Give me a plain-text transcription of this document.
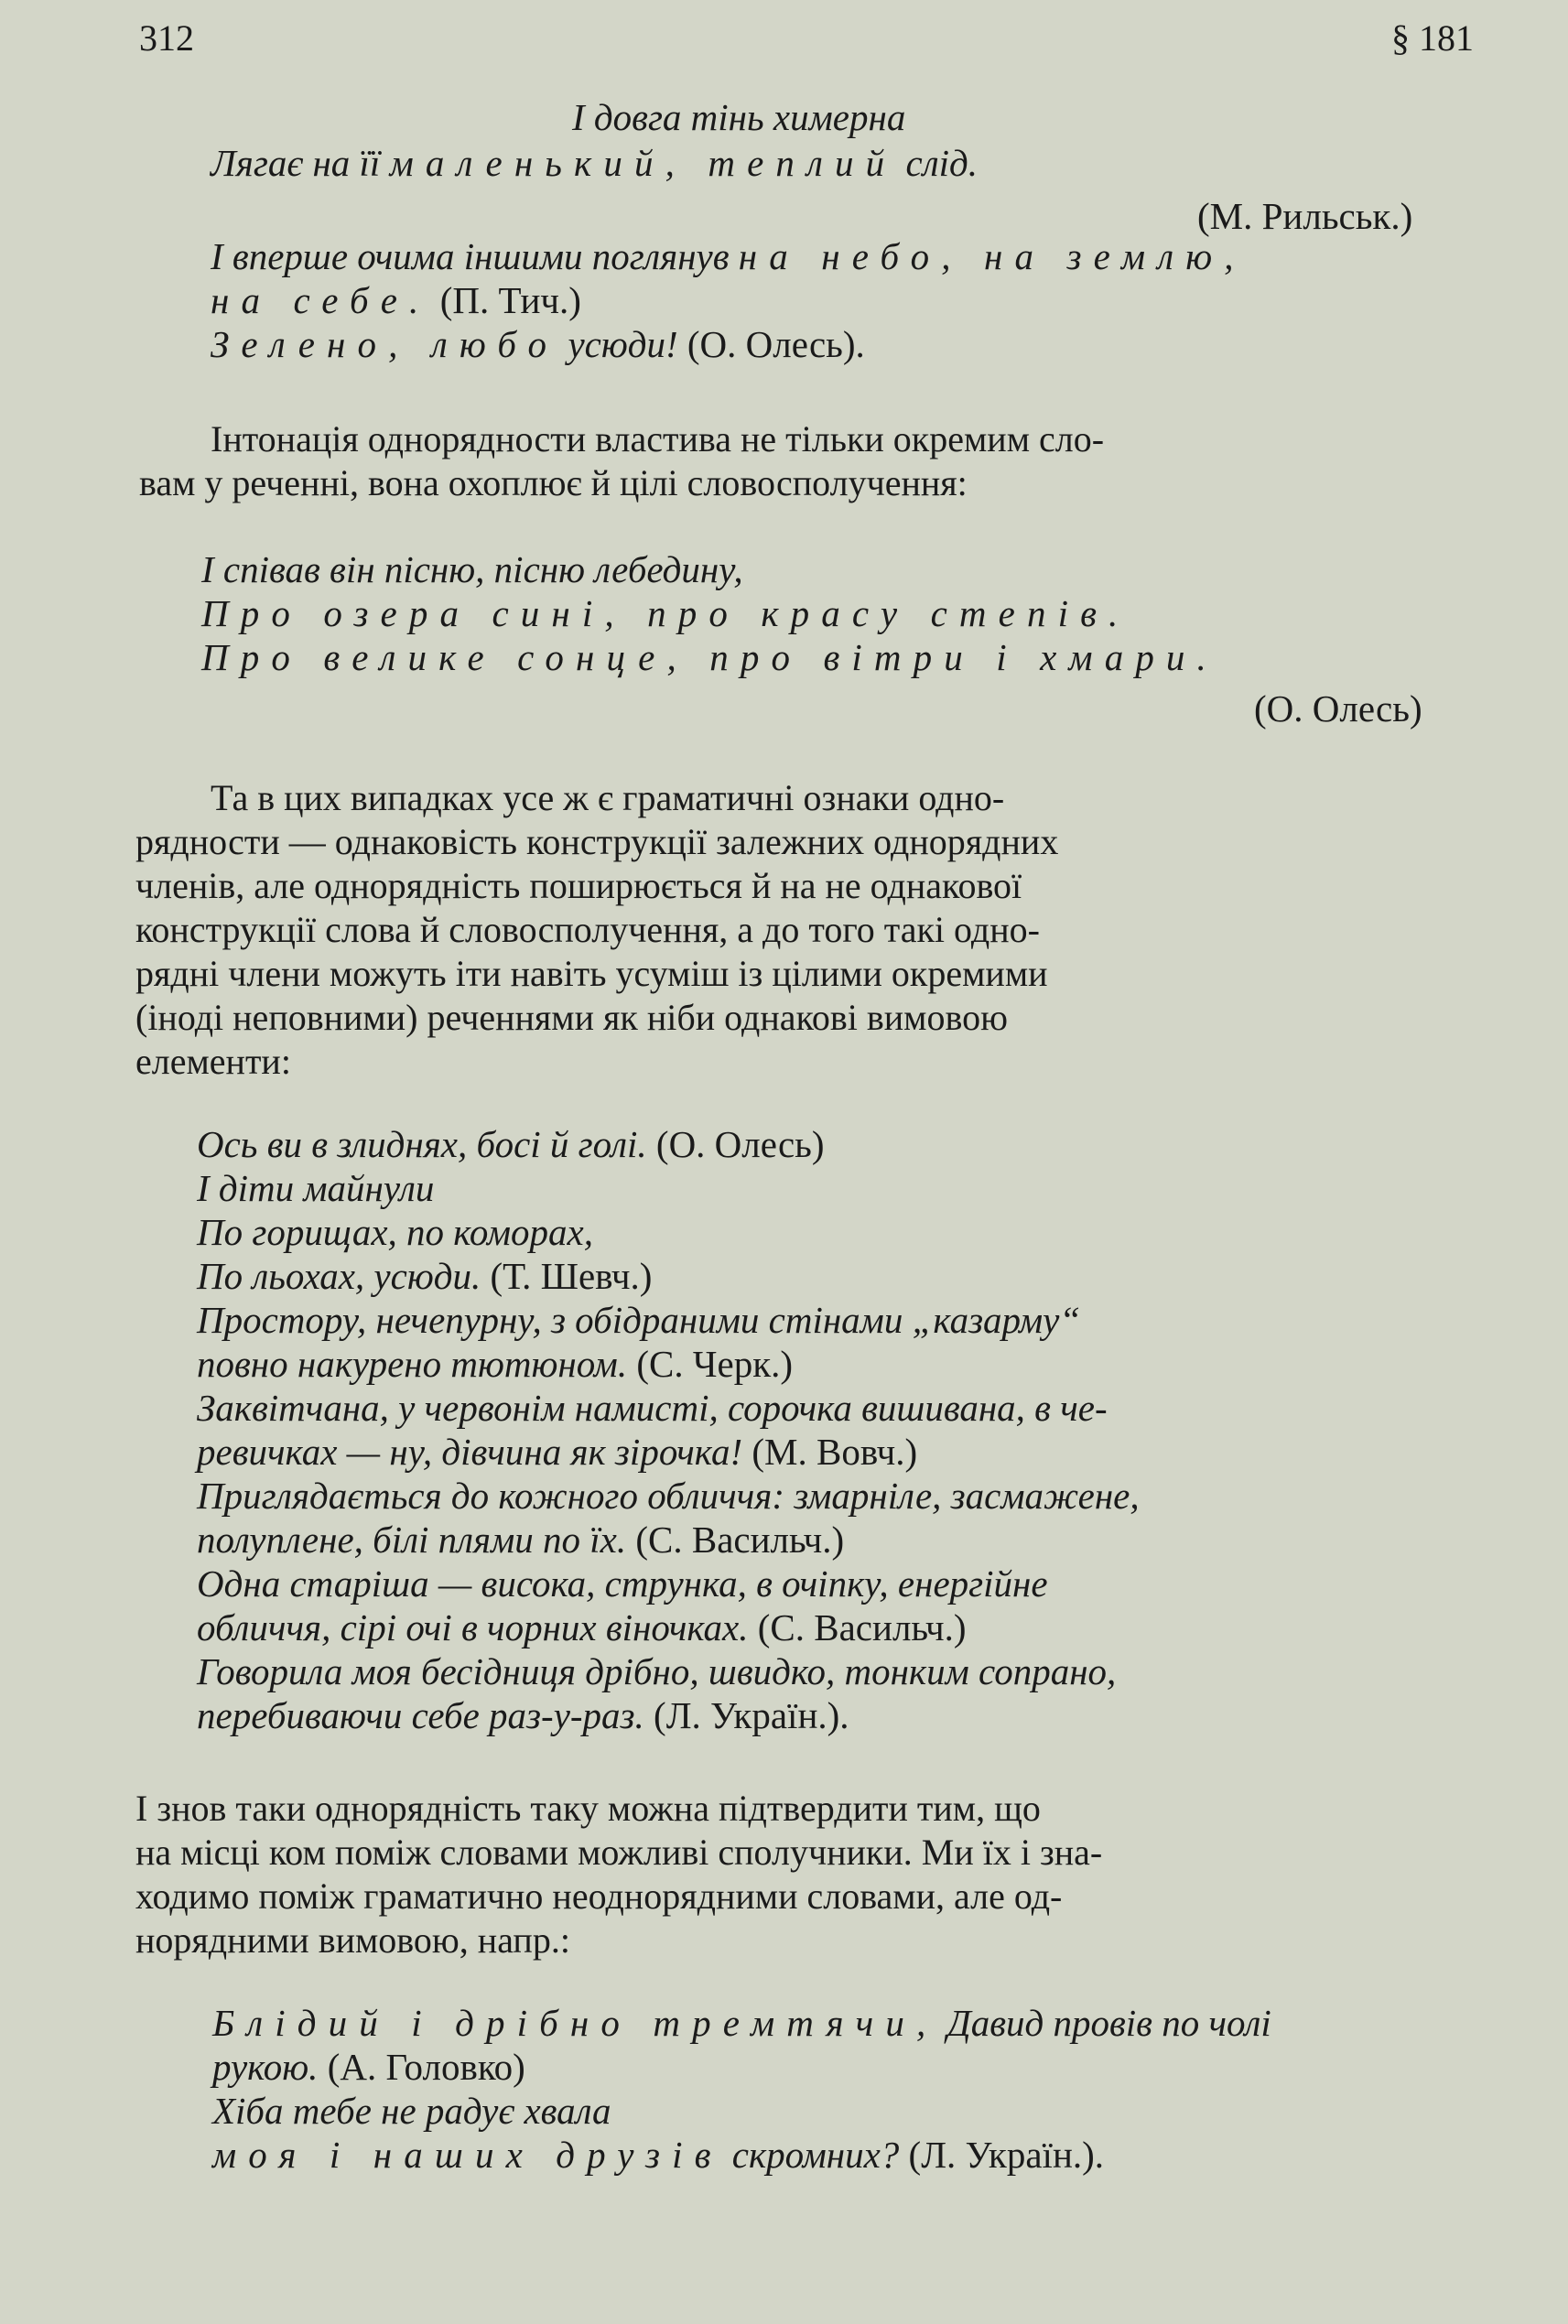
312	§ 181
І довга тінь химерна
Лягає на її маленький, теплий слід.
(М. Рильськ.)
І вперше очима іншими поглянув на небо, на землю,
на себе. (П. Тич.)
Зелено, любо усюди! (О. Олесь).
Інтонація однорядности властива не тільки окремим сло-
вам у реченні, вона охоплює й цілі словосполучення:
І співав він пісню, пісню лебедину,
Про озера сині, про красу степів.
Про велике сонце, про вітри і хмари.
(О. Олесь)
Та в цих випадках усе ж є граматичні ознаки одно-
рядности — однаковість конструкції залежних однорядних
членів, але однорядність поширюється й на не однакової
конструкції слова й словосполучення, а до того такі одно-
рядні члени можуть іти навіть усуміш із цілими окремими
(іноді неповними) реченнями як ніби однакові вимовою
елементи:
Ось ви в злиднях, босі й голі. (О. Олесь)
І діти майнули
По горищах, по коморах,
По льохах, усюди. (Т. Шевч.)
Простору, нечепурну, з обідраними стінами „казарму“
повно накурено тютюном. (С. Черк.)
Заквітчана, у червонім намисті, сорочка вишивана, в че-
ревичках — ну, дівчина як зірочка! (М. Вовч.)
Приглядається до кожного обличчя: змарніле, засмажене,
полуплене, білі плями по їх. (С. Васильч.)
Одна старіша — висока, струнка, в очіпку, енергійне
обличчя, сірі очі в чорних віночках. (С. Васильч.)
Говорила моя бесідниця дрібно, швидко, тонким сопрано,
перебиваючи себе раз-у-раз. (Л. Україн.).
І знов таки однорядність таку можна підтвердити тим, що
на місці ком поміж словами можливі сполучники. Ми їх і зна-
ходимо поміж граматично неоднорядними словами, але од-
норядними вимовою, напр.:
Блідий і дрібно тремтячи, Давид провів по чолі
рукою. (А. Головко)
Хіба тебе не радує хвала
моя і наших друзів скромних? (Л. Україн.).
